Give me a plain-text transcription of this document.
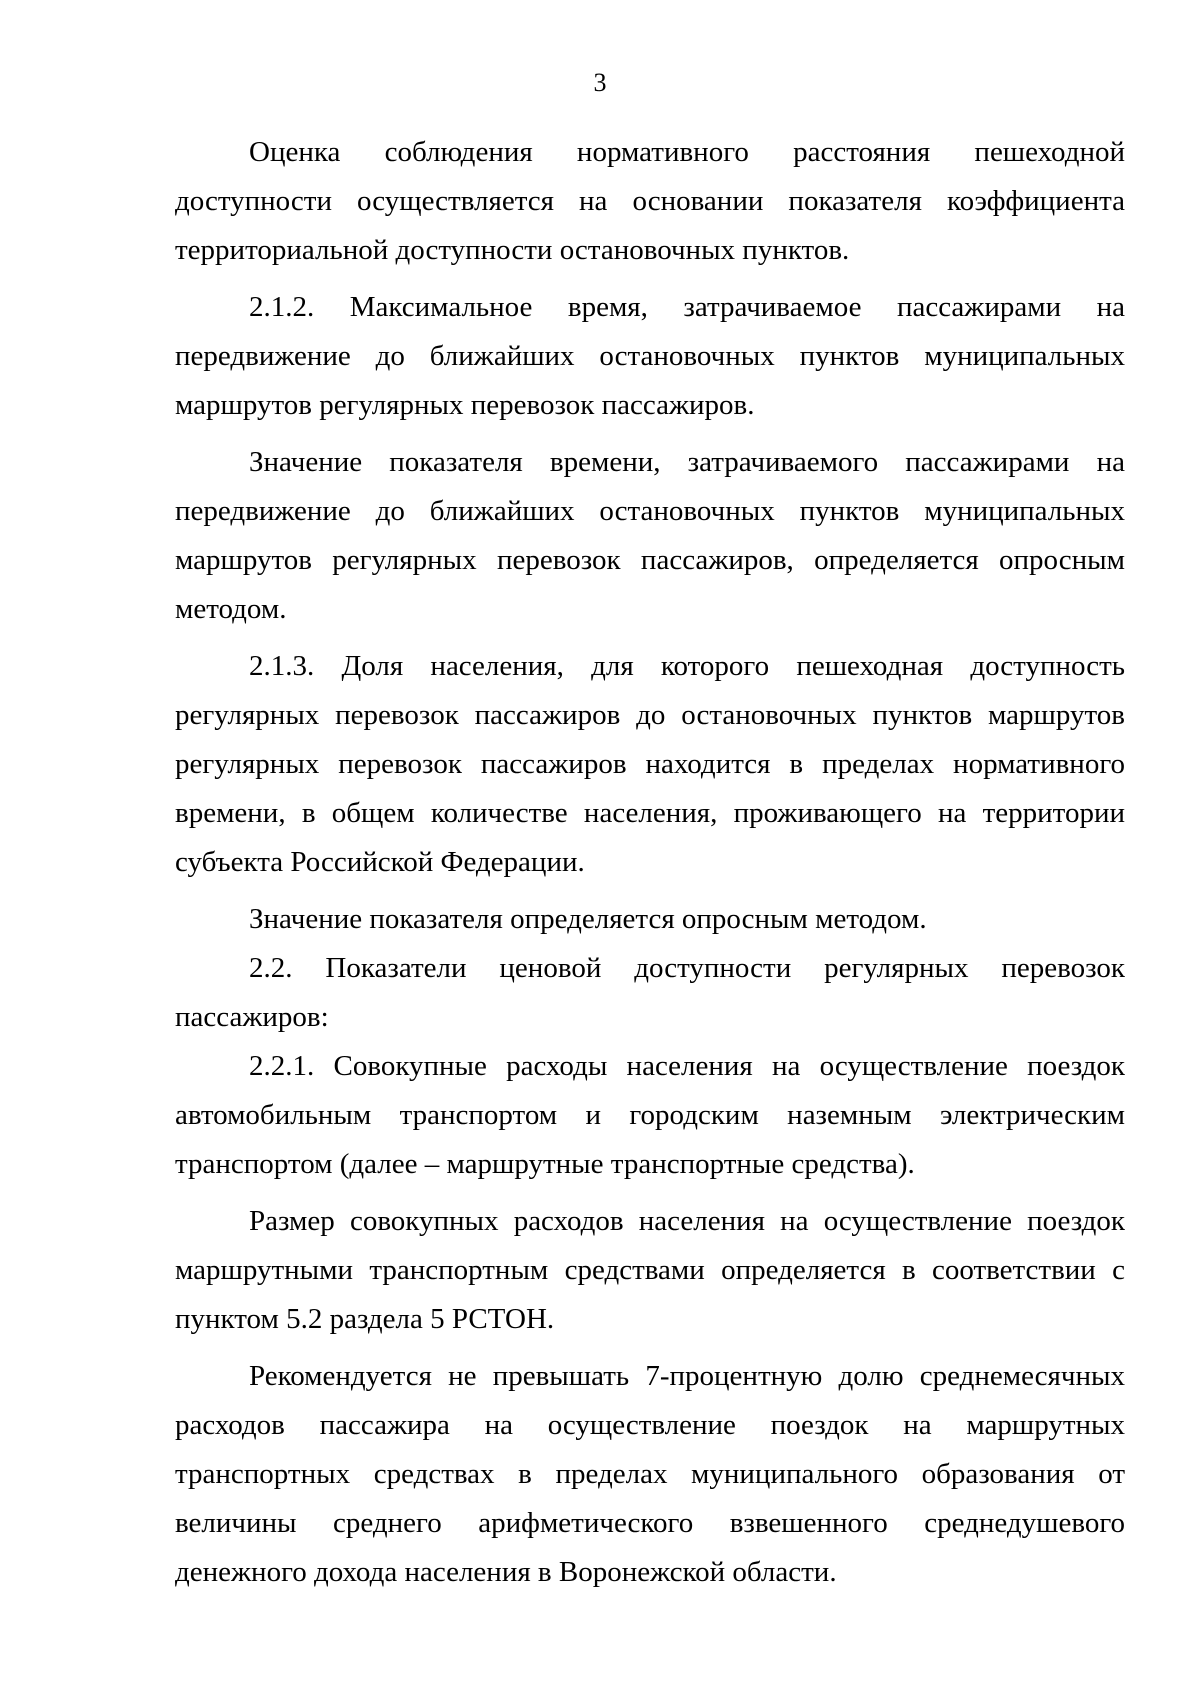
3

Оценка соблюдения нормативного расстояния пешеходной доступности осуществляется на основании показателя коэффициента территориальной доступности остановочных пунктов.

2.1.2. Максимальное время, затрачиваемое пассажирами на передвижение до ближайших остановочных пунктов муниципальных маршрутов регулярных перевозок пассажиров.

Значение показателя времени, затрачиваемого пассажирами на передвижение до ближайших остановочных пунктов муниципальных маршрутов регулярных перевозок пассажиров, определяется опросным методом.

2.1.3. Доля населения, для которого пешеходная доступность регулярных перевозок пассажиров до остановочных пунктов маршрутов регулярных перевозок пассажиров находится в пределах нормативного времени, в общем количестве населения, проживающего на территории субъекта Российской Федерации.

Значение показателя определяется опросным методом.

2.2. Показатели ценовой доступности регулярных перевозок пассажиров:

2.2.1. Совокупные расходы населения на осуществление поездок автомобильным транспортом и городским наземным электрическим транспортом (далее – маршрутные транспортные средства).

Размер совокупных расходов населения на осуществление поездок маршрутными транспортным средствами определяется в соответствии с пунктом 5.2 раздела 5 РСТОН.

Рекомендуется не превышать 7-процентную долю среднемесячных расходов пассажира на осуществление поездок на маршрутных транспортных средствах в пределах муниципального образования от величины среднего арифметического взвешенного среднедушевого денежного дохода населения в Воронежской области.
